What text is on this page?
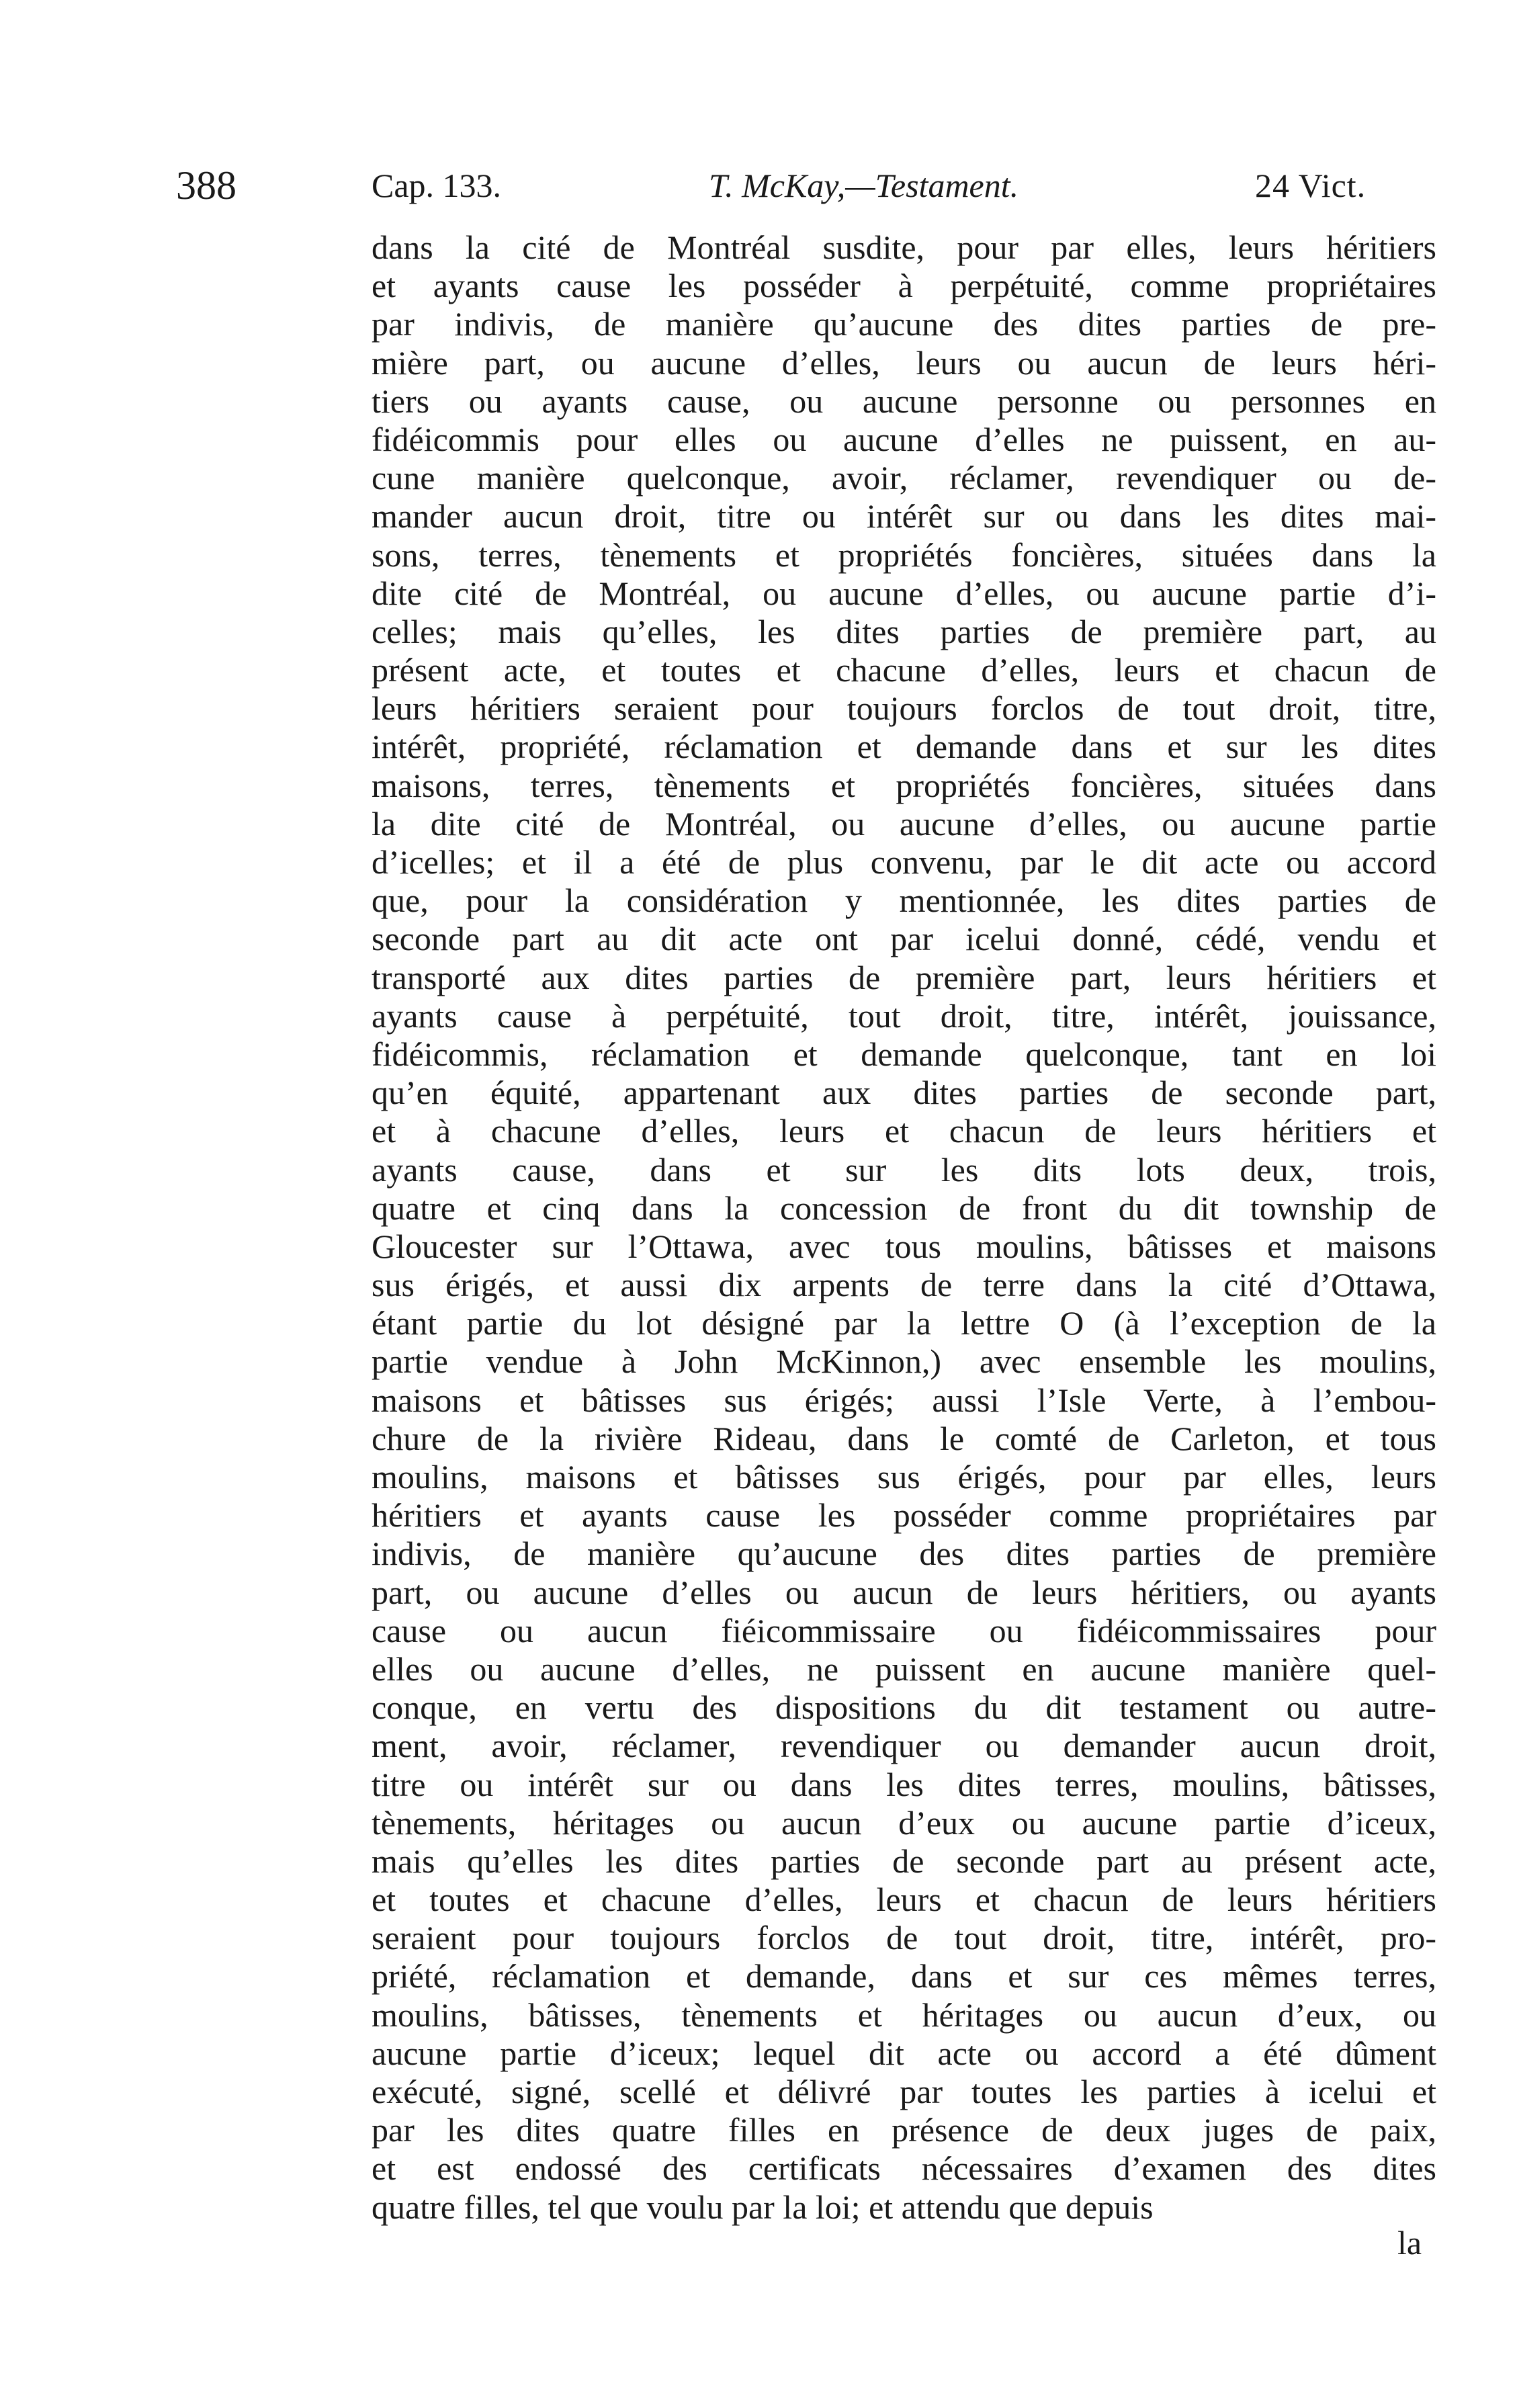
388	Cap. 133.	T. McKay,—Testament.	24 Vict.
dans la cité de Montréal susdite, pour par elles, leurs héritiers
et ayants cause les posséder à perpétuité, comme propriétaires
par indivis, de manière qu’aucune des dites parties de pre-
mière part, ou aucune d’elles, leurs ou aucun de leurs héri-
tiers ou ayants cause, ou aucune personne ou personnes en
fidéicommis pour elles ou aucune d’elles ne puissent, en au-
cune manière quelconque, avoir, réclamer, revendiquer ou de-
mander aucun droit, titre ou intérêt sur ou dans les dites mai-
sons, terres, tènements et propriétés foncières, situées dans la
dite cité de Montréal, ou aucune d’elles, ou aucune partie d’i-
celles; mais qu’elles, les dites parties de première part, au
présent acte, et toutes et chacune d’elles, leurs et chacun de
leurs héritiers seraient pour toujours forclos de tout droit, titre,
intérêt, propriété, réclamation et demande dans et sur les dites
maisons, terres, tènements et propriétés foncières, situées dans
la dite cité de Montréal, ou aucune d’elles, ou aucune partie
d’icelles; et il a été de plus convenu, par le dit acte ou accord
que, pour la considération y mentionnée, les dites parties de
seconde part au dit acte ont par icelui donné, cédé, vendu et
transporté aux dites parties de première part, leurs héritiers et
ayants cause à perpétuité, tout droit, titre, intérêt, jouissance,
fidéicommis, réclamation et demande quelconque, tant en loi
qu’en équité, appartenant aux dites parties de seconde part,
et à chacune d’elles, leurs et chacun de leurs héritiers et
ayants cause, dans et sur les dits lots deux, trois,
quatre et cinq dans la concession de front du dit township de
Gloucester sur l’Ottawa, avec tous moulins, bâtisses et maisons
sus érigés, et aussi dix arpents de terre dans la cité d’Ottawa,
étant partie du lot désigné par la lettre O (à l’exception de la
partie vendue à John McKinnon,) avec ensemble les moulins,
maisons et bâtisses sus érigés; aussi l’Isle Verte, à l’embou-
chure de la rivière Rideau, dans le comté de Carleton, et tous
moulins, maisons et bâtisses sus érigés, pour par elles, leurs
héritiers et ayants cause les posséder comme propriétaires par
indivis, de manière qu’aucune des dites parties de première
part, ou aucune d’elles ou aucun de leurs héritiers, ou ayants
cause ou aucun fiéicommissaire ou fidéicommissaires pour
elles ou aucune d’elles, ne puissent en aucune manière quel-
conque, en vertu des dispositions du dit testament ou autre-
ment, avoir, réclamer, revendiquer ou demander aucun droit,
titre ou intérêt sur ou dans les dites terres, moulins, bâtisses,
tènements, héritages ou aucun d’eux ou aucune partie d’iceux,
mais qu’elles les dites parties de seconde part au présent acte,
et toutes et chacune d’elles, leurs et chacun de leurs héritiers
seraient pour toujours forclos de tout droit, titre, intérêt, pro-
priété, réclamation et demande, dans et sur ces mêmes terres,
moulins, bâtisses, tènements et héritages ou aucun d’eux, ou
aucune partie d’iceux; lequel dit acte ou accord a été dûment
exécuté, signé, scellé et délivré par toutes les parties à icelui et
par les dites quatre filles en présence de deux juges de paix,
et est endossé des certificats nécessaires d’examen des dites
quatre filles, tel que voulu par la loi; et attendu que depuis
la
